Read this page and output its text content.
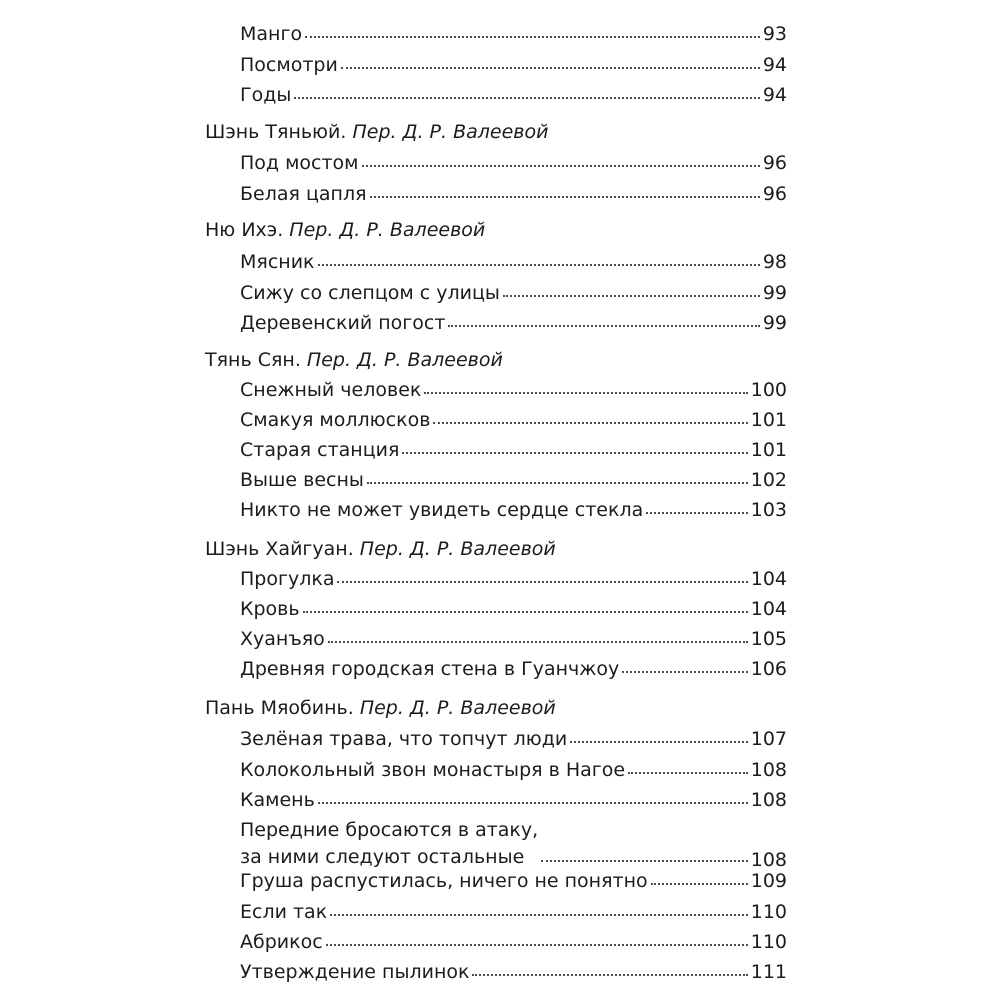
Манго	93
Посмотри	94
Годы	94
Шэнь Тяньюй. Пер. Д. Р. Валеевой
Под мостом	96
Белая цапля	96
Ню Ихэ. Пер. Д. Р. Валеевой
Мясник	98
Сижу со слепцом с улицы	99
Деревенский погост	99
Тянь Сян. Пер. Д. Р. Валеевой
Снежный человек	100
Смакуя моллюсков	101
Старая станция	101
Выше весны	102
Никто не может увидеть сердце стекла	103
Шэнь Хайгуан. Пер. Д. Р. Валеевой
Прогулка	104
Кровь	104
Хуанъяо	105
Древняя городская стена в Гуанчжоу	106
Пань Мяобинь. Пер. Д. Р. Валеевой
Зелёная трава, что топчут люди	107
Колокольный звон монастыря в Нагое	108
Камень	108
Передние бросаются в атаку,
за ними следуют остальные	108
Груша распустилась, ничего не понятно	109
Если так	110
Абрикос	110
Утверждение пылинок	111
